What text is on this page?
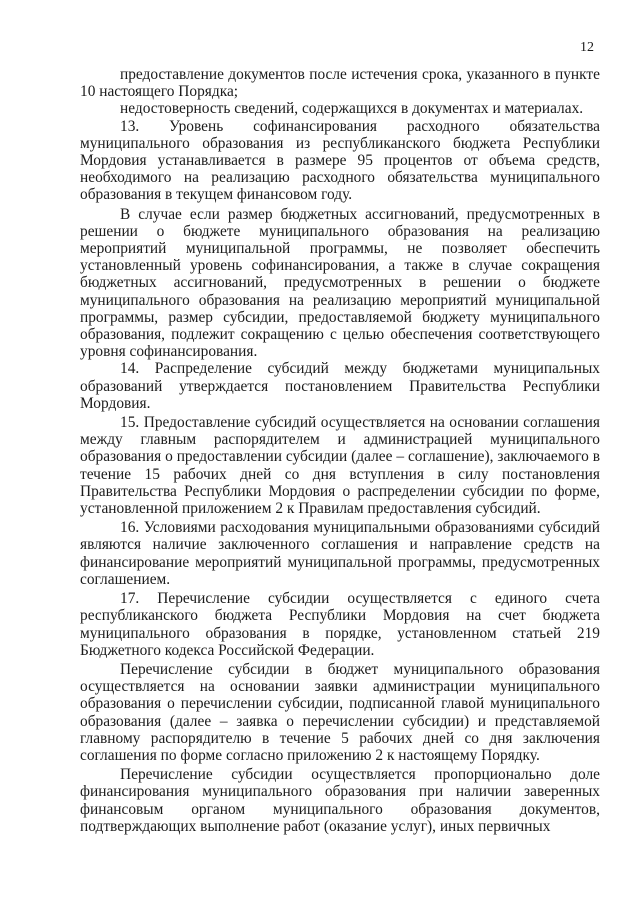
12

предоставление документов после истечения срока, указанного в пункте 10 настоящего Порядка;

недостоверность сведений, содержащихся в документах и материалах.

13. Уровень софинансирования расходного обязательства муниципального образования из республиканского бюджета Республики Мордовия устанавливается в размере 95 процентов от объема средств, необходимого на реализацию расходного обязательства муниципального образования в текущем финансовом году.

В случае если размер бюджетных ассигнований, предусмотренных в решении о бюджете муниципального образования на реализацию мероприятий муниципальной программы, не позволяет обеспечить установленный уровень софинансирования, а также в случае сокращения бюджетных ассигнований, предусмотренных в решении о бюджете муниципального образования на реализацию мероприятий муниципальной программы, размер субсидии, предоставляемой бюджету муниципального образования, подлежит сокращению с целью обеспечения соответствующего уровня софинансирования.

14. Распределение субсидий между бюджетами муниципальных образований утверждается постановлением Правительства Республики Мордовия.

15. Предоставление субсидий осуществляется на основании соглашения между главным распорядителем и администрацией муниципального образования о предоставлении субсидии (далее – соглашение), заключаемого в течение 15 рабочих дней со дня вступления в силу постановления Правительства Республики Мордовия о распределении субсидии по форме, установленной приложением 2 к Правилам предоставления субсидий.

16. Условиями расходования муниципальными образованиями субсидий являются наличие заключенного соглашения и направление средств на финансирование мероприятий муниципальной программы, предусмотренных соглашением.

17. Перечисление субсидии осуществляется с единого счета республиканского бюджета Республики Мордовия на счет бюджета муниципального образования в порядке, установленном статьей 219 Бюджетного кодекса Российской Федерации.

Перечисление субсидии в бюджет муниципального образования осуществляется на основании заявки администрации муниципального образования о перечислении субсидии, подписанной главой муниципального образования (далее – заявка о перечислении субсидии) и представляемой главному распорядителю в течение 5 рабочих дней со дня заключения соглашения по форме согласно приложению 2 к настоящему Порядку.

Перечисление субсидии осуществляется пропорционально доле финансирования муниципального образования при наличии заверенных финансовым органом муниципального образования документов, подтверждающих выполнение работ (оказание услуг), иных первичных
